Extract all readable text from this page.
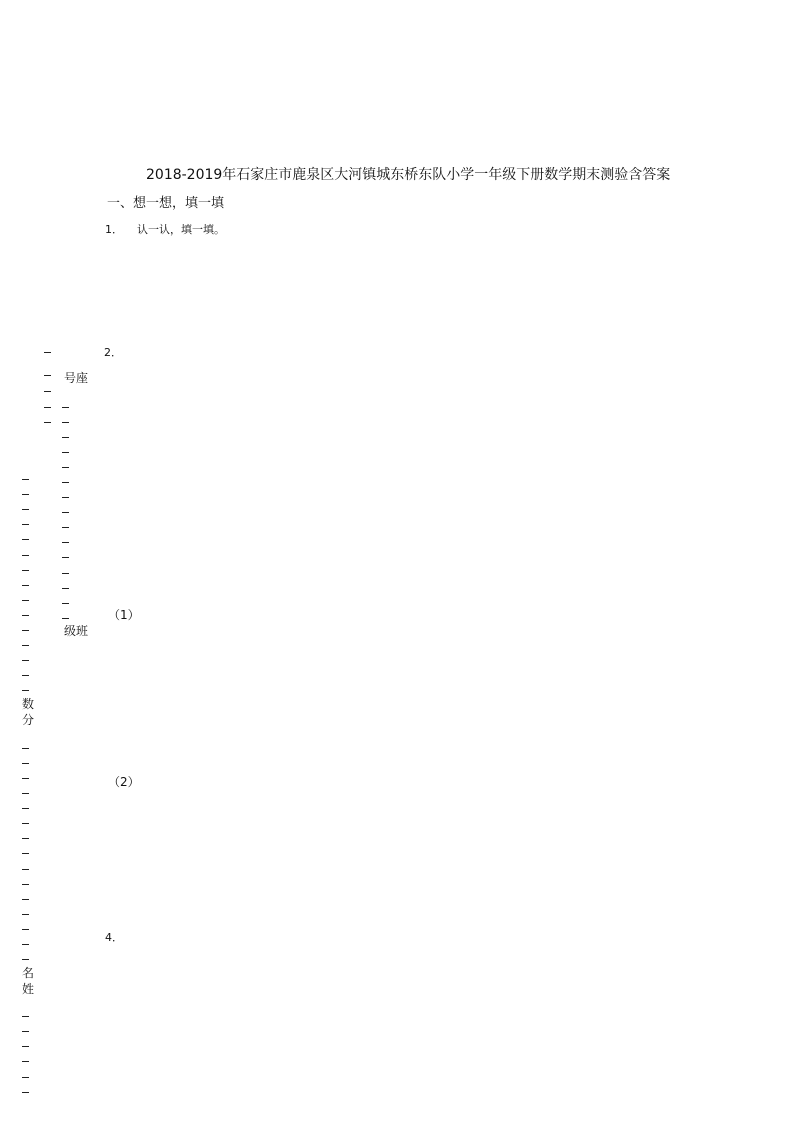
2018-2019年石家庄市鹿泉区大河镇城东桥东队小学一年级下册数学期末测验含答案
一、想一想，填一填
1． 认一认，填一填。
2．
（1）
（2）
4．
号座
级班
数分
名姓
